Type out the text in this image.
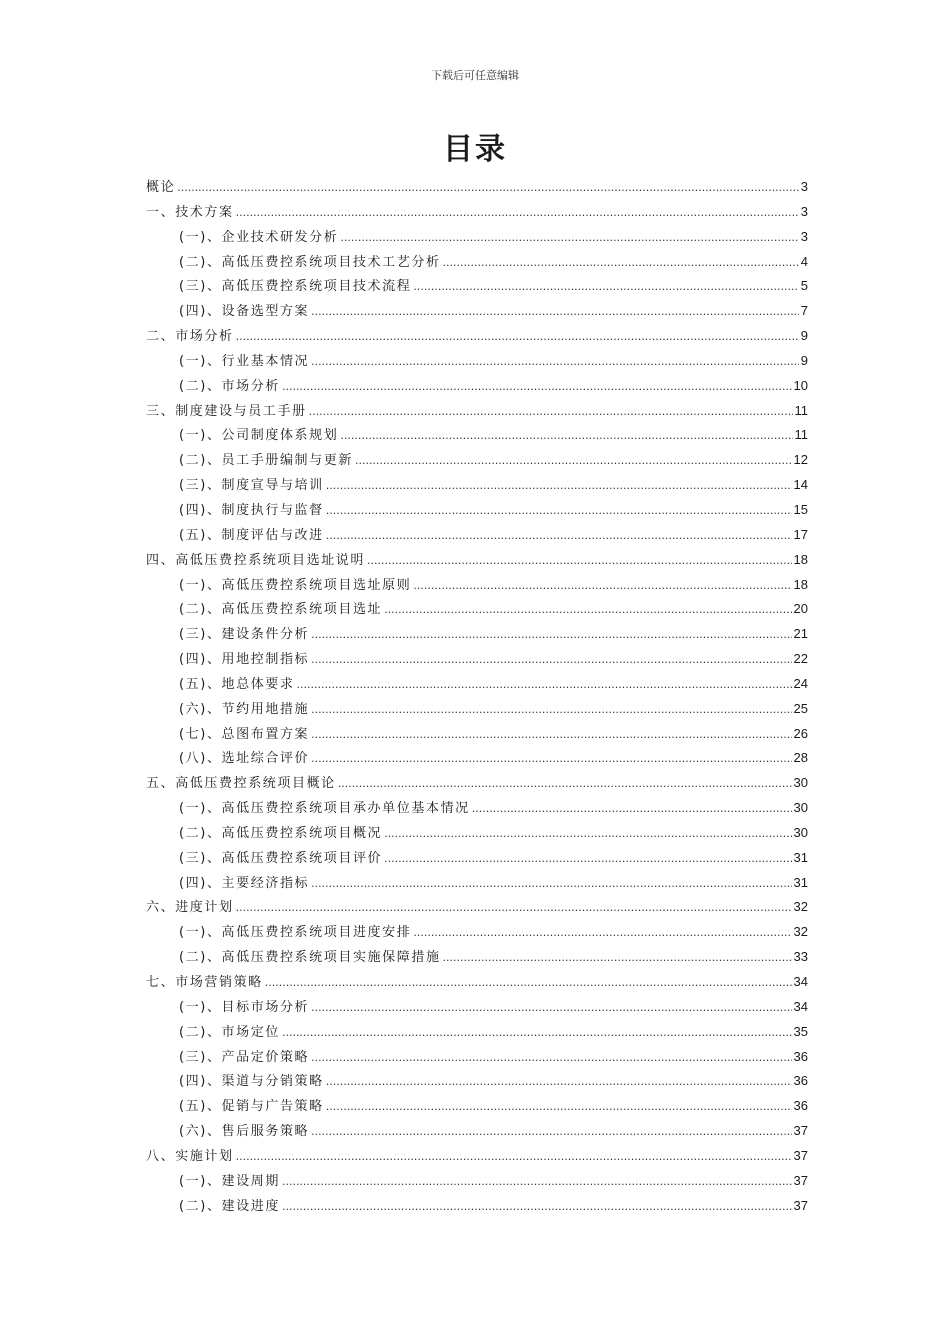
下载后可任意编辑
目录
概论 .....	3
一、技术方案 .....	3
(一)、企业技术研发分析 .....	3
(二)、高低压费控系统项目技术工艺分析 .....	4
(三)、高低压费控系统项目技术流程 .....	5
(四)、设备选型方案 .....	7
二、市场分析 .....	9
(一)、行业基本情况 .....	9
(二)、市场分析 .....	10
三、制度建设与员工手册 .....	11
(一)、公司制度体系规划 .....	11
(二)、员工手册编制与更新 .....	12
(三)、制度宣导与培训 .....	14
(四)、制度执行与监督 .....	15
(五)、制度评估与改进 .....	17
四、高低压费控系统项目选址说明 .....	18
(一)、高低压费控系统项目选址原则 .....	18
(二)、高低压费控系统项目选址 .....	20
(三)、建设条件分析 .....	21
(四)、用地控制指标 .....	22
(五)、地总体要求 .....	24
(六)、节约用地措施 .....	25
(七)、总图布置方案 .....	26
(八)、选址综合评价 .....	28
五、高低压费控系统项目概论 .....	30
(一)、高低压费控系统项目承办单位基本情况 .....	30
(二)、高低压费控系统项目概况 .....	30
(三)、高低压费控系统项目评价 .....	31
(四)、主要经济指标 .....	31
六、进度计划 .....	32
(一)、高低压费控系统项目进度安排 .....	32
(二)、高低压费控系统项目实施保障措施 .....	33
七、市场营销策略 .....	34
(一)、目标市场分析 .....	34
(二)、市场定位 .....	35
(三)、产品定价策略 .....	36
(四)、渠道与分销策略 .....	36
(五)、促销与广告策略 .....	36
(六)、售后服务策略 .....	37
八、实施计划 .....	37
(一)、建设周期 .....	37
(二)、建设进度 .....	37
